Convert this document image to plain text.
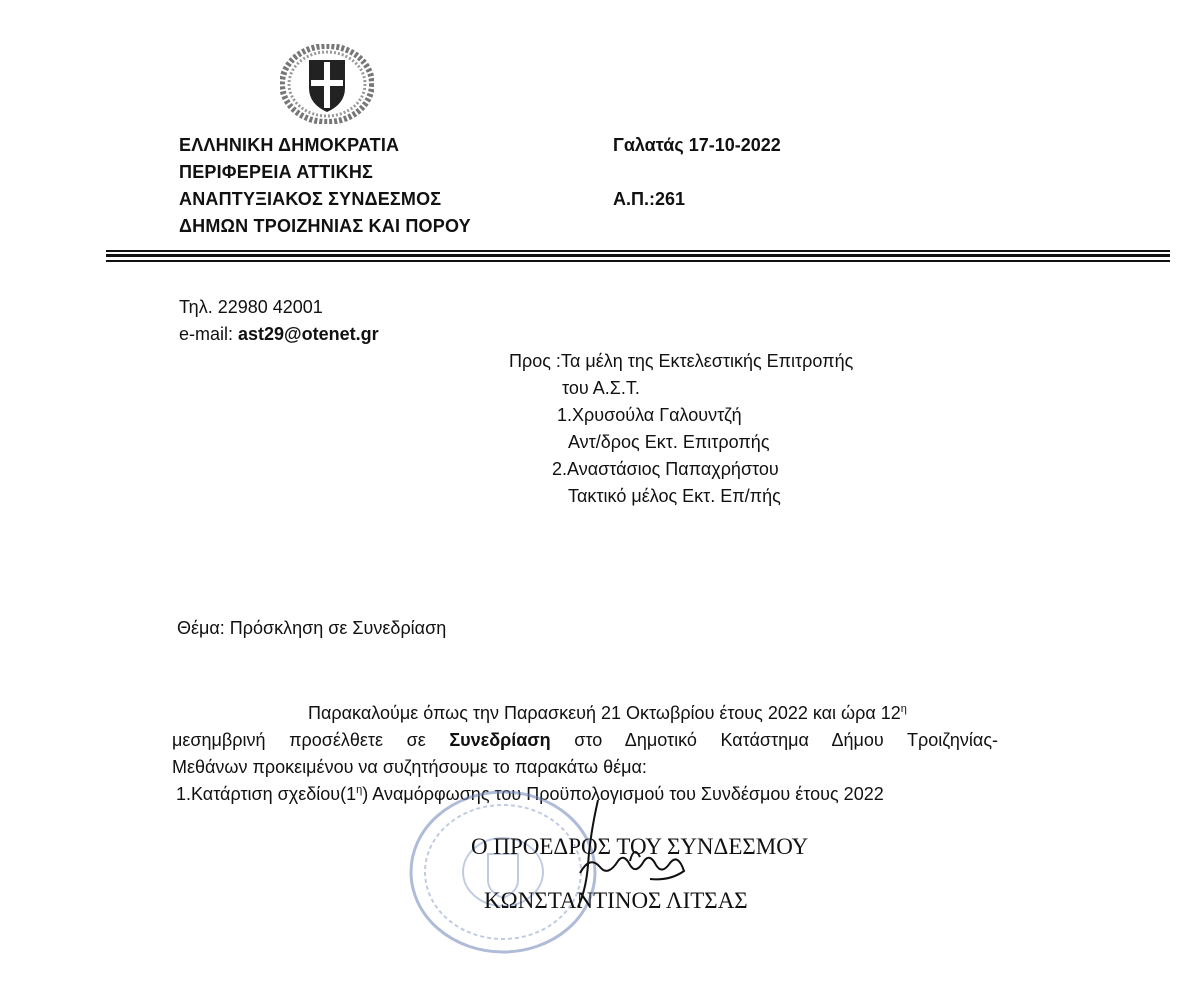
ΕΛΛΗΝΙΚΗ ΔΗΜΟΚΡΑΤΙΑ
ΠΕΡΙΦΕΡΕΙΑ ΑΤΤΙΚΗΣ
ΑΝΑΠΤΥΞΙΑΚΟΣ ΣΥΝΔΕΣΜΟΣ
ΔΗΜΩΝ ΤΡΟΙΖΗΝΙΑΣ ΚΑΙ ΠΟΡΟΥ
Γαλατάς 17-10-2022
Α.Π.:261
Τηλ. 22980 42001
e-mail: ast29@otenet.gr
Προς :Τα μέλη της Εκτελεστικής Επιτροπής
του Α.Σ.Τ.
1.Χρυσούλα Γαλουντζή
Αντ/δρος Εκτ. Επιτροπής
2.Αναστάσιος Παπαχρήστου
Τακτικό μέλος Εκτ. Επ/πής
Θέμα: Πρόσκληση σε Συνεδρίαση
Παρακαλούμε όπως την Παρασκευή 21 Οκτωβρίου έτους 2022 και ώρα $12^\eta$
μεσημβρινή προσέλθετε σε Συνεδρίαση στο Δημοτικό Κατάστημα Δήμου Τροιζηνίας-
Μεθάνων προκειμένου να συζητήσουμε το παρακάτω θέμα:
1.Κατάρτιση $\sigma\chi\varepsilon\delta ίo\upsilon(1^\eta)$ Αναμόρφωσης του Προϋπολογισμού του Συνδέσμου έτους 2022
Ο ΠΡΟΕΔΡΟΣ ΤΟΥ ΣΥΝΔΕΣΜΟΥ
ΚΩΝΣΤΑΝΤΙΝΟΣ ΛΙΤΣΑΣ
